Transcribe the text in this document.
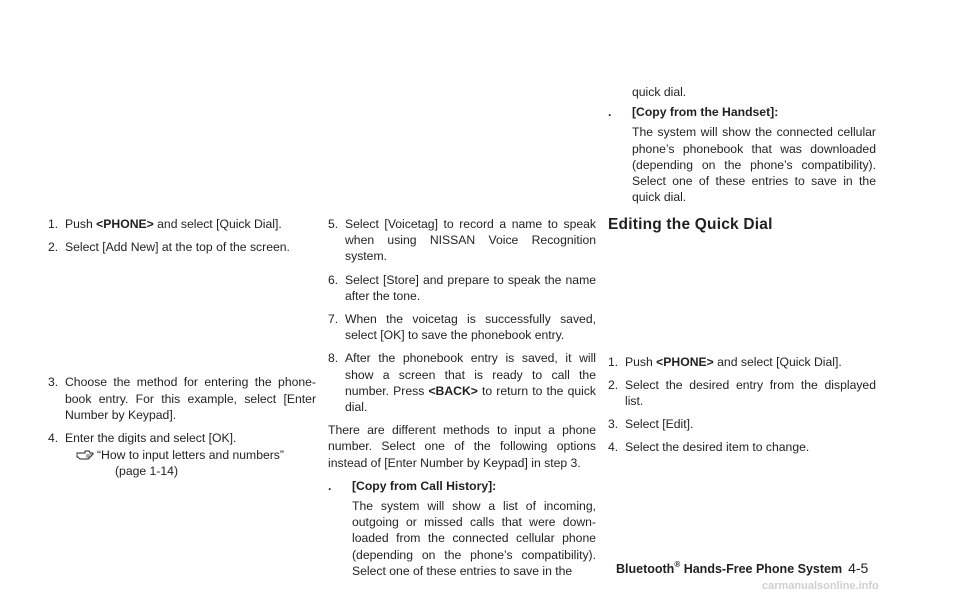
1. Push <PHONE> and select [Quick Dial].
2. Select [Add New] at the top of the screen.
3. Choose the method for entering the phone-book entry. For this example, select [Enter Number by Keypad].
4. Enter the digits and select [OK].
“How to input letters and numbers”
(page 1-14)
5. Select [Voicetag] to record a name to speak when using NISSAN Voice Recognition system.
6. Select [Store] and prepare to speak the name after the tone.
7. When the voicetag is successfully saved, select [OK] to save the phonebook entry.
8. After the phonebook entry is saved, it will show a screen that is ready to call the number. Press <BACK> to return to the quick dial.
There are different methods to input a phone number. Select one of the following options instead of [Enter Number by Keypad] in step 3.
. [Copy from Call History]:
The system will show a list of incoming, outgoing or missed calls that were down-loaded from the connected cellular phone (depending on the phone’s compatibility). Select one of these entries to save in the
quick dial.
. [Copy from the Handset]:
The system will show the connected cellular phone’s phonebook that was downloaded (depending on the phone’s compatibility). Select one of these entries to save in the quick dial.
Editing the Quick Dial
1. Push <PHONE> and select [Quick Dial].
2. Select the desired entry from the displayed list.
3. Select [Edit].
4. Select the desired item to change.
Bluetooth® Hands-Free Phone System 4-5
carmanualsonline.info
